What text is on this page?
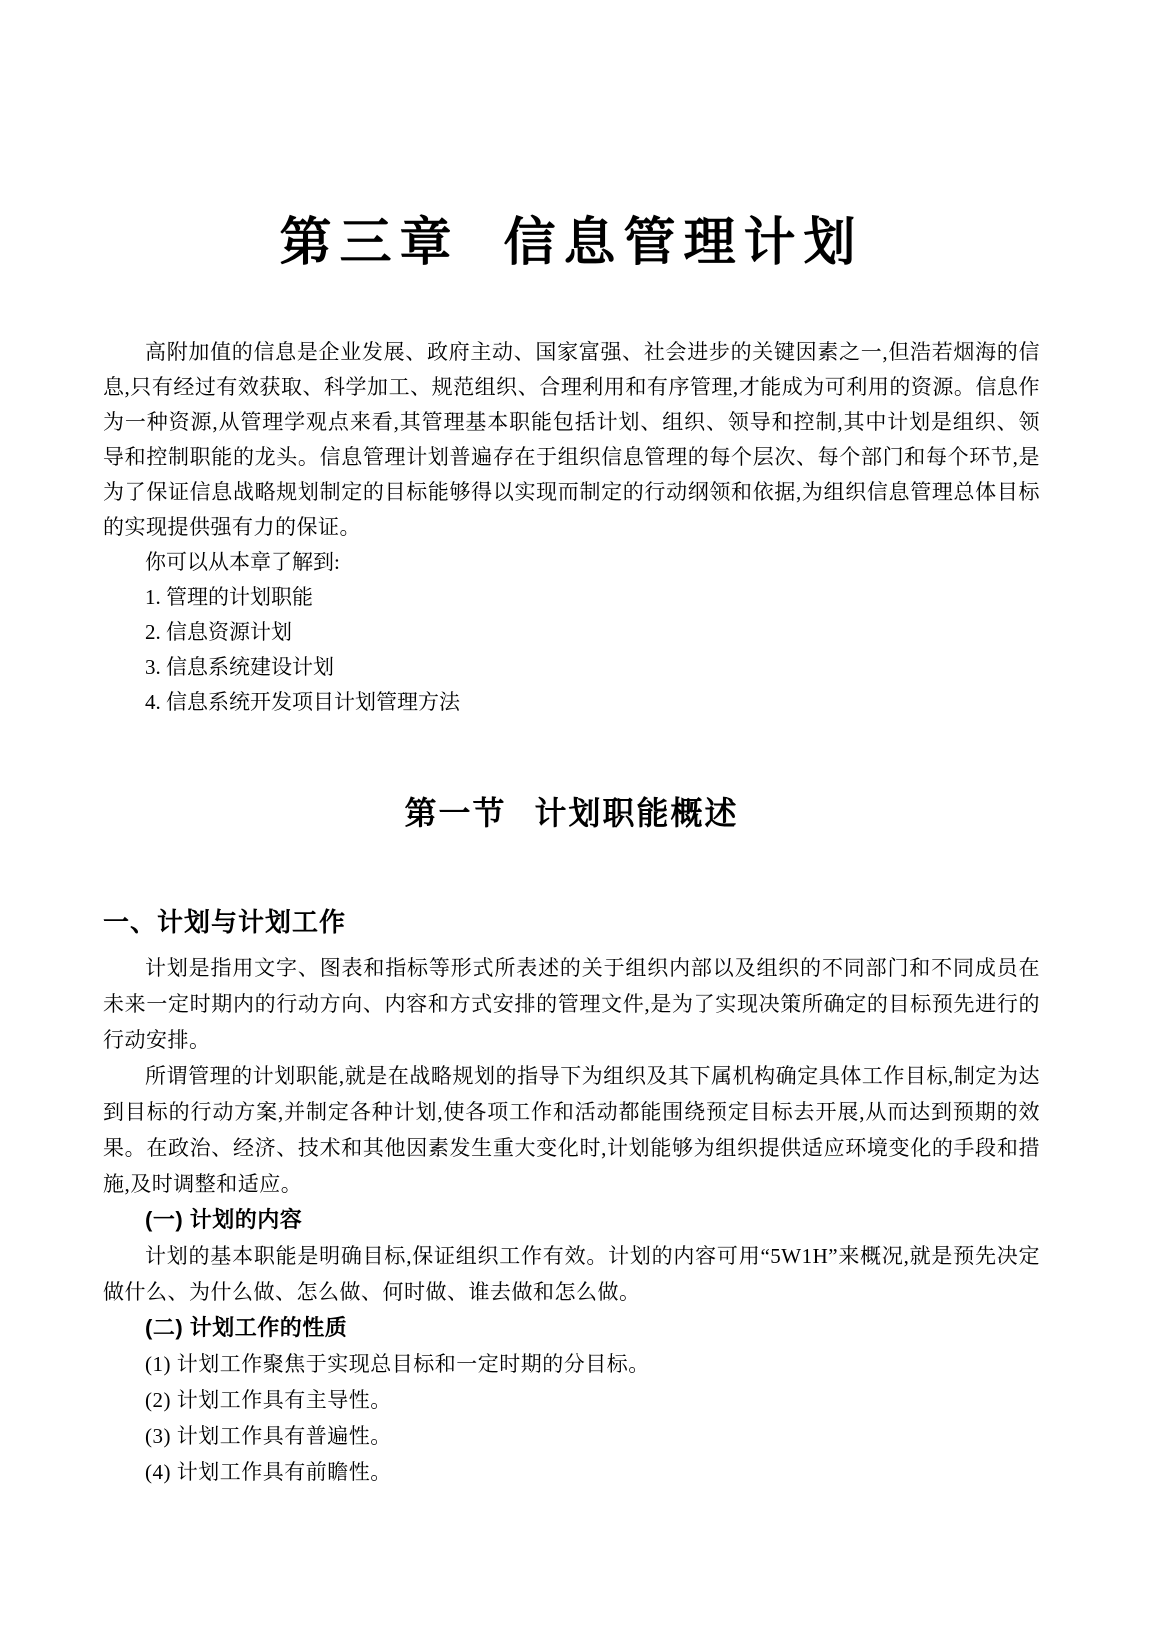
第三章 信息管理计划

高附加值的信息是企业发展、政府主动、国家富强、社会进步的关键因素之一,但浩若烟海的信息,只有经过有效获取、科学加工、规范组织、合理利用和有序管理,才能成为可利用的资源。信息作为一种资源,从管理学观点来看,其管理基本职能包括计划、组织、领导和控制,其中计划是组织、领导和控制职能的龙头。信息管理计划普遍存在于组织信息管理的每个层次、每个部门和每个环节,是为了保证信息战略规划制定的目标能够得以实现而制定的行动纲领和依据,为组织信息管理总体目标的实现提供强有力的保证。

你可以从本章了解到:

1. 管理的计划职能
2. 信息资源计划
3. 信息系统建设计划
4. 信息系统开发项目计划管理方法
第一节 计划职能概述
一、计划与计划工作

计划是指用文字、图表和指标等形式所表述的关于组织内部以及组织的不同部门和不同成员在未来一定时期内的行动方向、内容和方式安排的管理文件,是为了实现决策所确定的目标预先进行的行动安排。

所谓管理的计划职能,就是在战略规划的指导下为组织及其下属机构确定具体工作目标,制定为达到目标的行动方案,并制定各种计划,使各项工作和活动都能围绕预定目标去开展,从而达到预期的效果。在政治、经济、技术和其他因素发生重大变化时,计划能够为组织提供适应环境变化的手段和措施,及时调整和适应。

(一) 计划的内容

计划的基本职能是明确目标,保证组织工作有效。计划的内容可用“5W1H”来概况,就是预先决定做什么、为什么做、怎么做、何时做、谁去做和怎么做。

(二) 计划工作的性质
(1) 计划工作聚焦于实现总目标和一定时期的分目标。
(2) 计划工作具有主导性。
(3) 计划工作具有普遍性。
(4) 计划工作具有前瞻性。
